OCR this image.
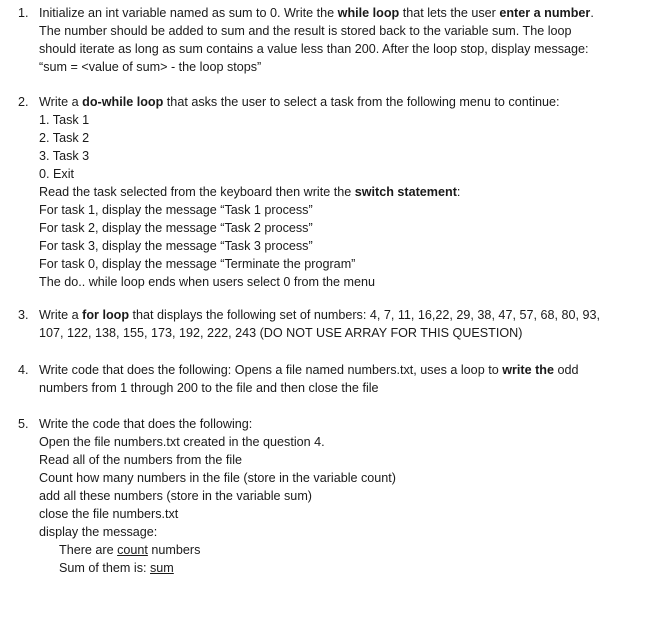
1. Initialize an int variable named as sum to 0. Write the while loop that lets the user enter a number.
The number should be added to sum and the result is stored back to the variable sum. The loop
should iterate as long as sum contains a value less than 200. After the loop stop, display message:
“sum = <value of sum> - the loop stops”
2. Write a do-while loop that asks the user to select a task from the following menu to continue:
1. Task 1
2. Task 2
3. Task 3
0. Exit
Read the task selected from the keyboard then write the switch statement:
For task 1, display the message “Task 1 process”
For task 2, display the message “Task 2 process”
For task 3, display the message “Task 3 process”
For task 0, display the message “Terminate the program”
The do.. while loop ends when users select 0 from the menu
3. Write a for loop that displays the following set of numbers: 4, 7, 11, 16,22, 29, 38, 47, 57, 68, 80, 93,
107, 122, 138, 155, 173, 192, 222, 243 (DO NOT USE ARRAY FOR THIS QUESTION)
4. Write code that does the following: Opens a file named numbers.txt, uses a loop to write the odd
numbers from 1 through 200 to the file and then close the file
5. Write the code that does the following:
Open the file numbers.txt created in the question 4.
Read all of the numbers from the file
Count how many numbers in the file (store in the variable count)
add all these numbers (store in the variable sum)
close the file numbers.txt
display the message:
There are count numbers
Sum of them is: sum
